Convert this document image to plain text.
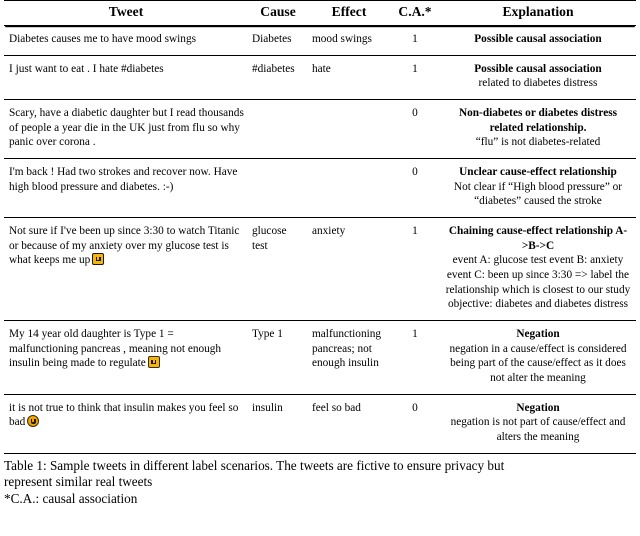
Tweet	Cause	Effect	C.A.*	Explanation
Diabetes causes me to have mood swings	Diabetes	mood swings	1	Possible causal association

I just want to eat . I hate #diabetes	#diabetes	hate	1	Possible causal association
related to diabetes distress

Scary, have a diabetic daughter but I read thousands of people a year die in the UK just from flu so why panic over corona .			0	Non-diabetes or diabetes distress related relationship.
“flu” is not diabetes-related

I'm back ! Had two strokes and recover now. Have high blood pressure and diabetes. :-)			0	Unclear cause-effect relationship
Not clear if “High blood pressure” or “diabetes” caused the stroke

Not sure if I've been up since 3:30 to watch Titanic or because of my anxiety over my glucose test is what keeps me up	glucose test	anxiety	1	Chaining cause-effect relationship A->B->C
event A: glucose test event B: anxiety event C: been up since 3:30 => label the relationship which is closest to our study objective: diabetes and diabetes distress

My 14 year old daughter is Type 1 = malfunctioning pancreas , meaning not enough insulin being made to regulate	Type 1	malfunctioning pancreas; not enough insulin	1	Negation
negation in a cause/effect is considered being part of the cause/effect as it does not alter the meaning

it is not true to think that insulin makes you feel so bad	insulin	feel so bad	0	Negation
negation is not part of cause/effect and alters the meaning

Table 1: Sample tweets in different label scenarios. The tweets are fictive to ensure privacy but
represent similar real tweets
*C.A.: causal association
